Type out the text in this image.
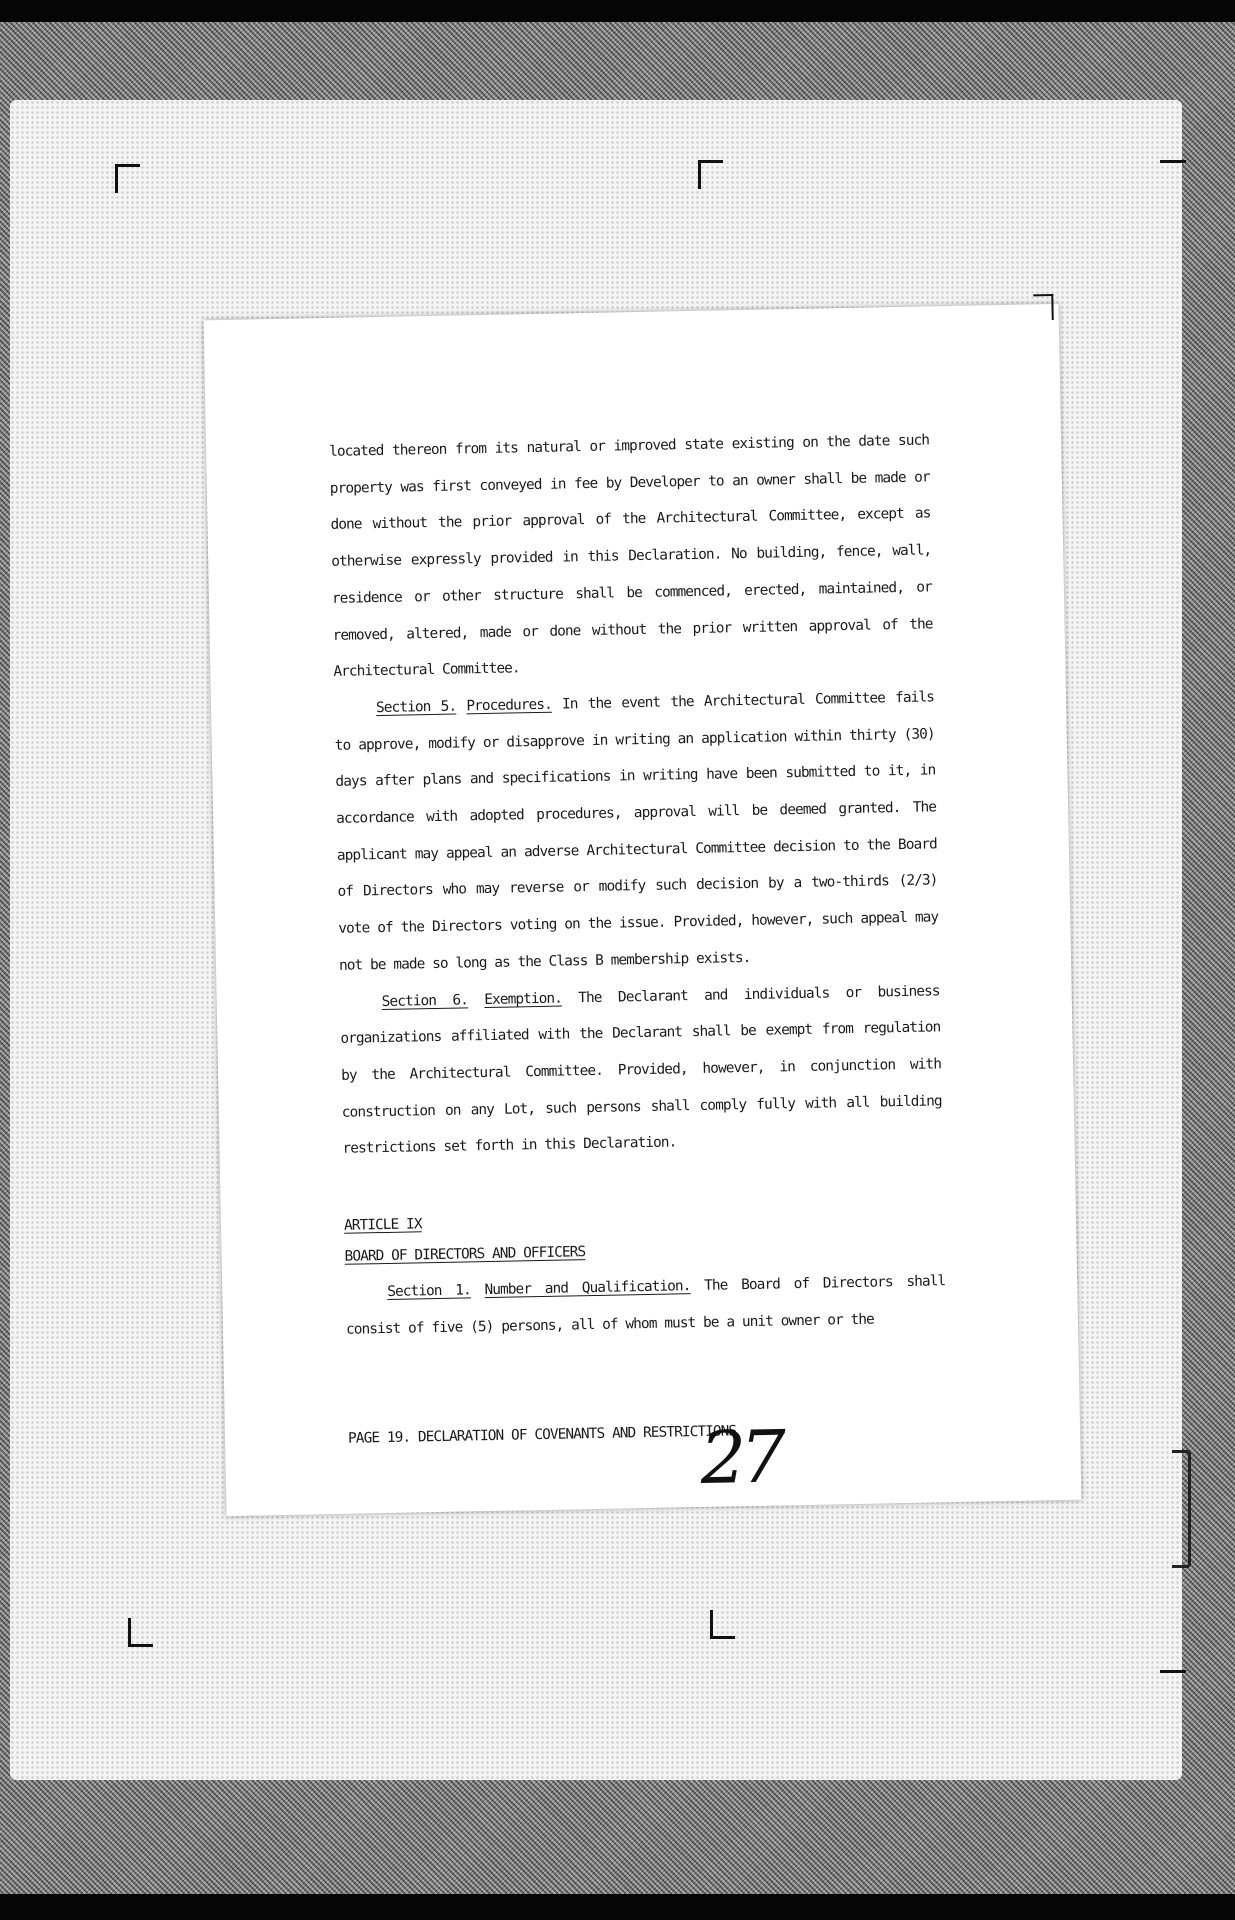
located thereon from its natural or improved state existing on the date such property was first conveyed in fee by Developer to an owner shall be made or done without the prior approval of the Architectural Committee, except as otherwise expressly provided in this Declaration. No building, fence, wall, residence or other structure shall be commenced, erected, maintained, or removed, altered, made or done without the prior written approval of the Architectural Committee.

Section 5. Procedures. In the event the Architectural Committee fails to approve, modify or disapprove in writing an application within thirty (30) days after plans and specifications in writing have been submitted to it, in accordance with adopted procedures, approval will be deemed granted. The applicant may appeal an adverse Architectural Committee decision to the Board of Directors who may reverse or modify such decision by a two-thirds (2/3) vote of the Directors voting on the issue. Provided, however, such appeal may not be made so long as the Class B membership exists.

Section 6. Exemption. The Declarant and individuals or business organizations affiliated with the Declarant shall be exempt from regulation by the Architectural Committee. Provided, however, in conjunction with construction on any Lot, such persons shall comply fully with all building restrictions set forth in this Declaration.

ARTICLE IX

BOARD OF DIRECTORS AND OFFICERS

Section 1. Number and Qualification. The Board of Directors shall consist of five (5) persons, all of whom must be a unit owner or the

PAGE 19. DECLARATION OF COVENANTS AND RESTRICTIONS
27
